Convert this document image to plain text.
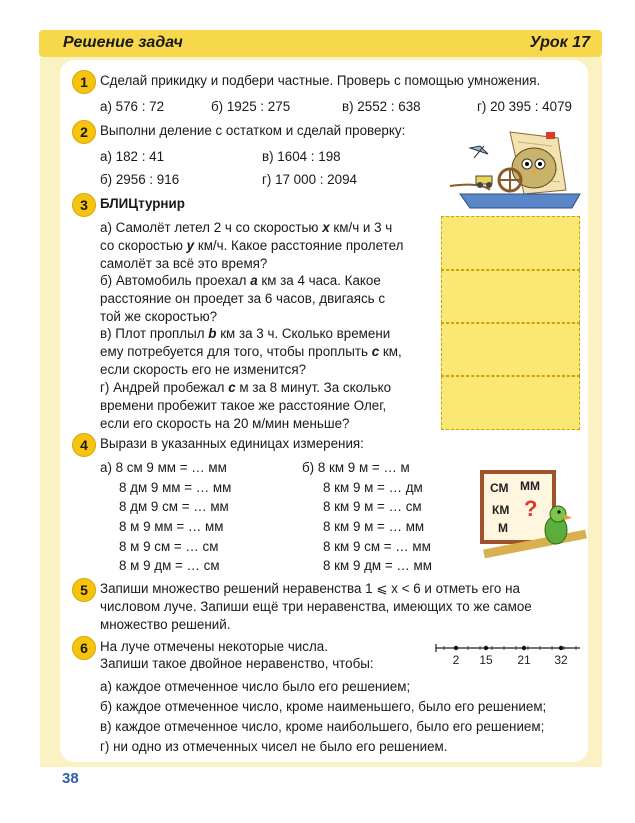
Решение задач	Урок 17
1 Сделай прикидку и подбери частные. Проверь с помощью умножения.
а) 576 : 72	б) 1925 : 275	в) 2552 : 638	г) 20 395 : 4079
2 Выполни деление с остатком и сделай проверку:
а) 182 : 41	в) 1604 : 198
б) 2956 : 916	г) 17 000 : 2094
3 БЛИЦтурнир
а) Самолёт летел 2 ч со скоростью x км/ч и 3 ч
со скоростью y км/ч. Какое расстояние пролетел
самолёт за всё это время?
б) Автомобиль проехал a км за 4 часа. Какое
расстояние он проедет за 6 часов, двигаясь с
той же скоростью?
в) Плот проплыл b км за 3 ч. Сколько времени
ему потребуется для того, чтобы проплыть c км,
если скорость его не изменится?
г) Андрей пробежал c м за 8 минут. За сколько
времени пробежит такое же расстояние Олег,
если его скорость на 20 м/мин меньше?
4 Вырази в указанных единицах измерения:
а) 8 см 9 мм = … мм
8 дм 9 мм = … мм
8 дм 9 см = … мм
8 м 9 мм = … мм
8 м 9 см = … см
8 м 9 дм = … см
б) 8 км 9 м = … м
8 км 9 м = … дм
8 км 9 м = … см
8 км 9 м = … мм
8 км 9 см = … мм
8 км 9 дм = … мм
СМ ММ
КМ
М
?
5 Запиши множество решений неравенства 1 ⩽ x < 6 и отметь его на
числовом луче. Запиши ещё три неравенства, имеющих то же самое
множество решений.
6 На луче отмечены некоторые числа.
Запиши такое двойное неравенство, чтобы:
а) каждое отмеченное число было его решением;
б) каждое отмеченное число, кроме наименьшего, было его решением;
в) каждое отмеченное число, кроме наибольшего, было его решением;
г) ни одно из отмеченных чисел не было его решением.
2 15 21 32
38
